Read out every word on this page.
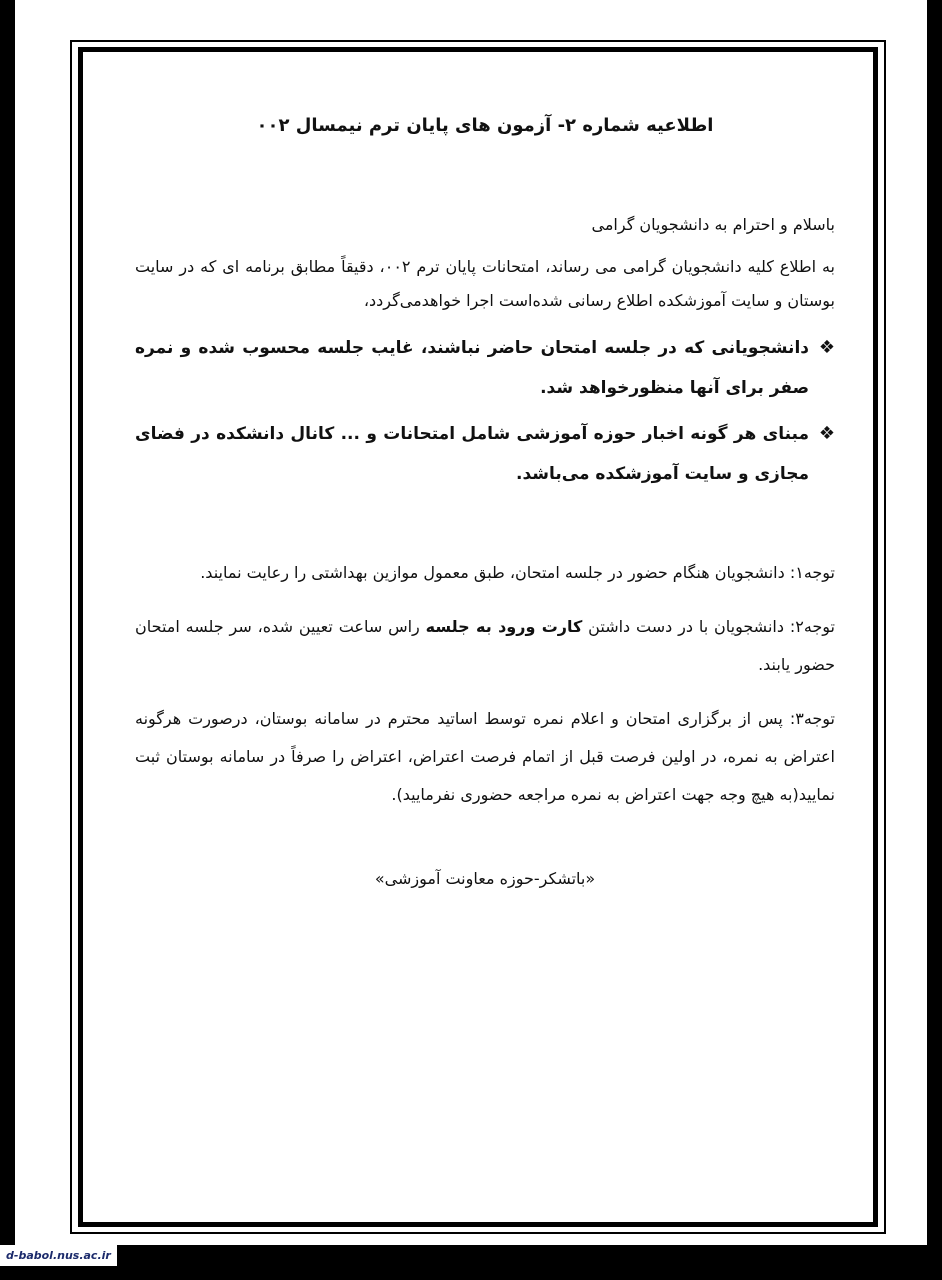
اطلاعیه شماره ۲- آزمون های پایان ترم نیمسال ۰۰۲

باسلام و احترام به دانشجویان گرامی

به اطلاع کلیه دانشجویان گرامی می رساند، امتحانات پایان ترم ۰۰۲، دقیقاً مطابق برنامه ای که در سایت بوستان و سایت آموزشکده اطلاع رسانی شده‌است اجرا خواهدمی‌گردد،

❖
دانشجویانی که در جلسه امتحان حاضر نباشند، غایب جلسه محسوب شده و نمره صفر برای آنها منظورخواهد شد.
❖
مبنای هر گونه اخبار حوزه آموزشی شامل امتحانات و ... کانال دانشکده در فضای مجازی و سایت آموزشکده می‌باشد.

توجه۱: دانشجویان هنگام حضور در جلسه امتحان، طبق معمول موازین بهداشتی را رعایت نمایند.

توجه۲: دانشجویان با در دست داشتن کارت ورود به جلسه راس ساعت تعیین شده، سر جلسه امتحان حضور یابند.

توجه۳: پس از برگزاری امتحان و اعلام نمره توسط اساتید محترم در سامانه بوستان، درصورت هرگونه اعتراض به نمره، در اولین فرصت قبل از اتمام فرصت اعتراض، اعتراض را صرفاً در سامانه بوستان ثبت نمایید(به هیچ وجه جهت اعتراض به نمره مراجعه حضوری نفرمایید).

«باتشکر-حوزه معاونت آموزشی»

d-babol.nus.ac.ir
